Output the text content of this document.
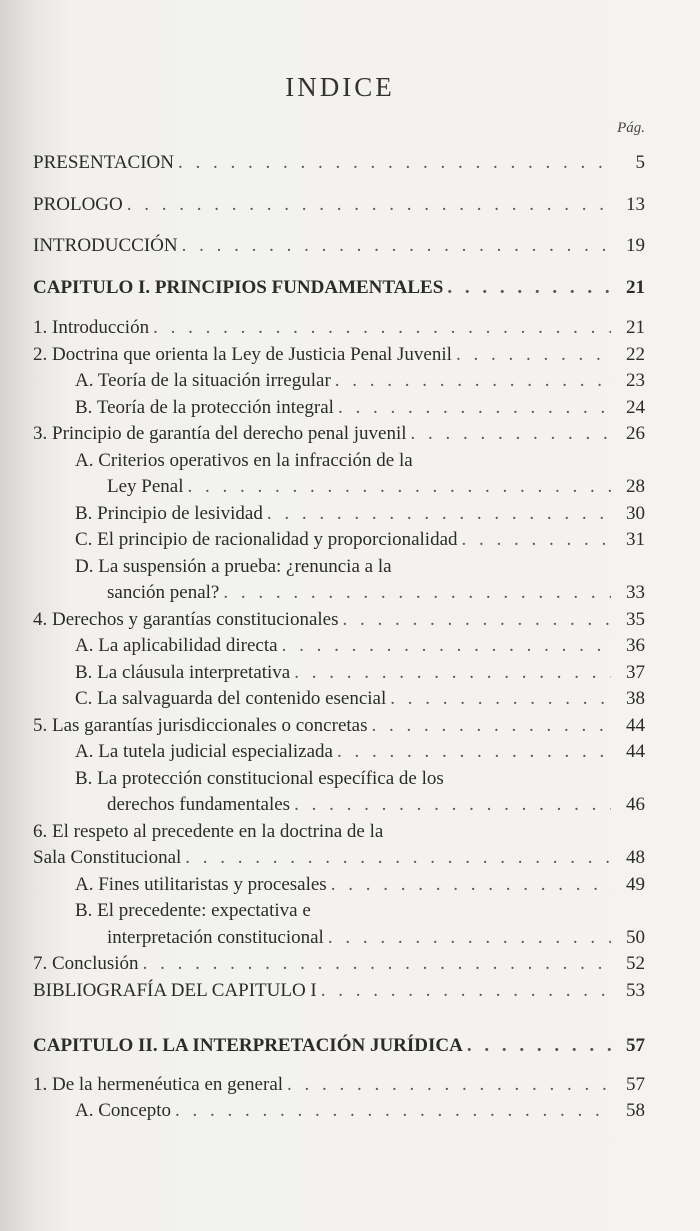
INDICE
Pág.
PRESENTACION . . .	5
PROLOGO . . .	13
INTRODUCCIÓN . . .	19
CAPITULO I. PRINCIPIOS FUNDAMENTALES . . .	21
1. Introducción . . .	21
2. Doctrina que orienta la Ley de Justicia Penal Juvenil . . .	22
A. Teoría de la situación irregular . . .	23
B. Teoría de la protección integral . . .	24
3. Principio de garantía del derecho penal juvenil . . .	26
A. Criterios operativos en la infracción de la
Ley Penal . . .	28
B. Principio de lesividad . . .	30
C. El principio de racionalidad y proporcionalidad . . .	31
D. La suspensión a prueba: ¿renuncia a la
sanción penal? . . .	33
4. Derechos y garantías constitucionales . . .	35
A. La aplicabilidad directa . . .	36
B. La cláusula interpretativa . . .	37
C. La salvaguarda del contenido esencial . . .	38
5. Las garantías jurisdiccionales o concretas . . .	44
A. La tutela judicial especializada . . .	44
B. La protección constitucional específica de los
derechos fundamentales . . .	46
6. El respeto al precedente en la doctrina de la
Sala Constitucional . . .	48
A. Fines utilitaristas y procesales . . .	49
B. El precedente: expectativa e
interpretación constitucional . . .	50
7. Conclusión . . .	52
BIBLIOGRAFÍA DEL CAPITULO I . . .	53
CAPITULO II. LA INTERPRETACIÓN JURÍDICA . . .	57
1. De la hermenéutica en general . . .	57
A. Concepto . . .	58
